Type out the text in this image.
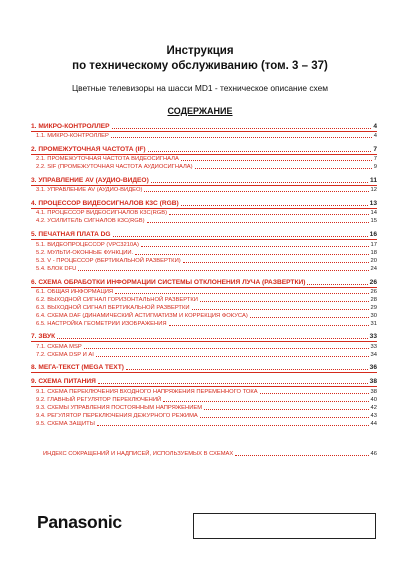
Инструкция
по техническому обслуживанию (том. 3 – 37)
Цветные телевизоры на шасси MD1 - техническое описание схем
СОДЕРЖАНИЕ
1. МИКРО-КОНТРОЛЛЕР	4
1.1. МИКРО-КОНТРОЛЛЕР	4
2. ПРОМЕЖУТОЧНАЯ ЧАСТОТА (IF)	7
2.1. ПРОМЕЖУТОЧНАЯ ЧАСТОТА ВИДЕОСИГНАЛА	7
2.2. SIF (ПРОМЕЖУТОЧНАЯ ЧАСТОТА АУДИОСИГНАЛА)	9
3. УПРАВЛЕНИЕ AV (АУДИО-ВИДЕО)	11
3.1. УПРАВЛЕНИЕ AV (АУДИО-ВИДЕО)	12
4. ПРОЦЕССОР ВИДЕОСИГНАЛОВ К3С (RGB)	13
4.1. ПРОЦЕССОР ВИДЕОСИГНАЛОВ К3С(RGB)	14
4.2. УСИЛИТЕЛЬ СИГНАЛОВ К3С(RGB)	15
5. ПЕЧАТНАЯ ПЛАТА DG	16
5.1. ВИДЕОПРОЦЕССОР (VPC3210A)	17
5.2. МУЛЬТИ-ОКОННЫЕ ФУНКЦИИ.	18
5.3. V - ПРОЦЕССОР (ВЕРТИКАЛЬНОЙ РАЗВЕРТКИ)	20
5.4. БЛОК DFU	24
6. СХЕМА ОБРАБОТКИ ИНФОРМАЦИИ СИСТЕМЫ ОТКЛОНЕНИЯ ЛУЧА (РАЗВЕРТКИ)	26
6.1. ОБЩАЯ ИНФОРМАЦИЯ	26
6.2. ВЫХОДНОЙ СИГНАЛ ГОРИЗОНТАЛЬНОЙ РАЗВЕРТКИ	28
6.3. ВЫХОДНОЙ СИГНАЛ ВЕРТИКАЛЬНОЙ РАЗВЕРТКИ	29
6.4. СХЕМА DAF (ДИНАМИЧЕСКИЙ АСТИГМАТИЗМ И КОРРЕКЦИЯ ФОКУСА)	30
6.5. НАСТРОЙКА ГЕОМЕТРИИ ИЗОБРАЖЕНИЯ	31
7. ЗВУК	33
7.1. СХЕМА MSP	33
7.2. СХЕМА DSP И AI	34
8. МЕГА-ТЕКСТ (MEGA TEXT)	36
9. СХЕМА ПИТАНИЯ	38
9.1. СХЕМА ПЕРЕКЛЮЧЕНИЯ ВХОДНОГО НАПРЯЖЕНИЯ ПЕРЕМЕННОГО ТОКА	38
9.2. ГЛАВНЫЙ РЕГУЛЯТОР ПЕРЕКЛЮЧЕНИЙ	40
9.3. СХЕМЫ УПРАВЛЕНИЯ ПОСТОЯННЫМ НАПРЯЖЕНИЕМ	42
9.4. РЕГУЛЯТОР ПЕРЕКЛЮЧЕНИЯ ДЕЖУРНОГО РЕЖИМА	43
9.5. СХЕМА ЗАЩИТЫ	44
ИНДЕКС СОКРАЩЕНИЙ И НАДПИСЕЙ, ИСПОЛЬЗУЕМЫХ В СХЕМАХ	46
Panasonic
